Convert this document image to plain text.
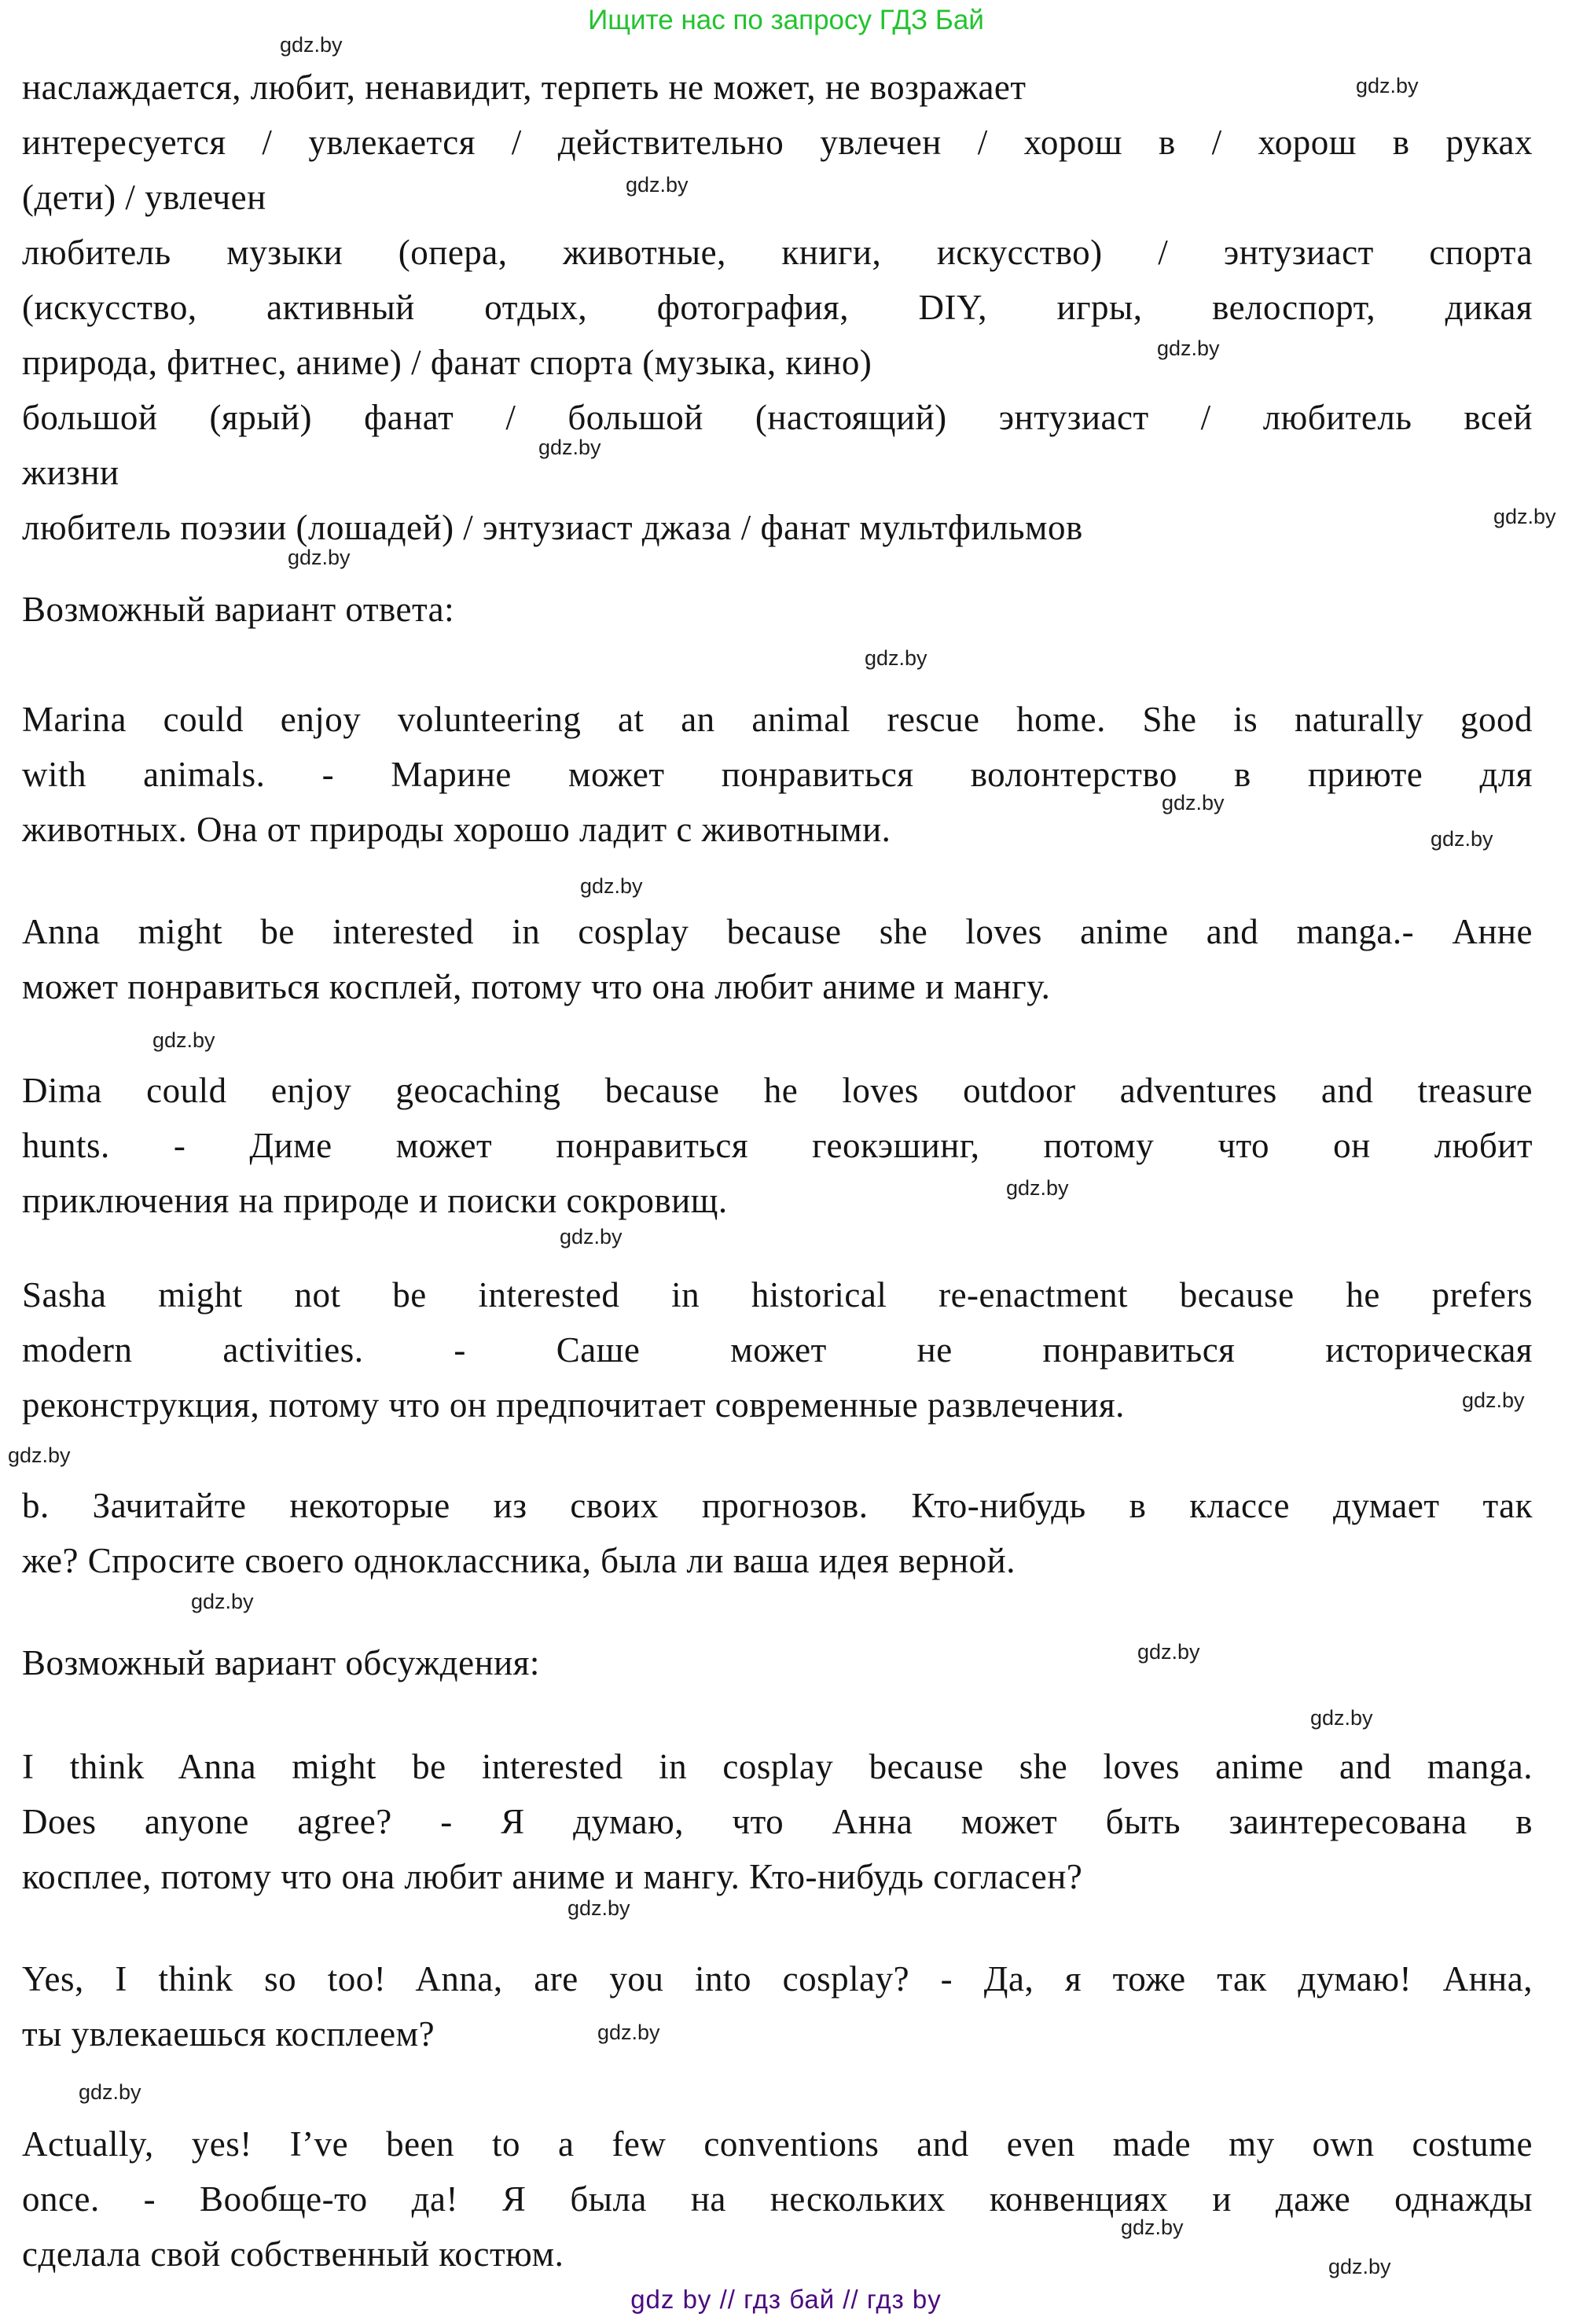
Ищите нас по запросу ГДЗ Бай
наслаждается, любит, ненавидит, терпеть не может, не возражает
интересуется / увлекается / действительно увлечен / хорош в / хорош в руках
(дети) / увлечен
любитель музыки (опера, животные, книги, искусство) / энтузиаст спорта
(искусство, активный отдых, фотография, DIY, игры, велоспорт, дикая
природа, фитнес, аниме) / фанат спорта (музыка, кино)
большой (ярый) фанат / большой (настоящий) энтузиаст / любитель всей
жизни
любитель поэзии (лошадей) / энтузиаст джаза / фанат мультфильмов
Возможный вариант ответа:
Marina could enjoy volunteering at an animal rescue home. She is naturally good
with animals. - Марине может понравиться волонтерство в приюте для
животных. Она от природы хорошо ладит с животными.
Anna might be interested in cosplay because she loves anime and manga.- Анне
может понравиться косплей, потому что она любит аниме и мангу.
Dima could enjoy geocaching because he loves outdoor adventures and treasure
hunts. - Диме может понравиться геокэшинг, потому что он любит
приключения на природе и поиски сокровищ.
Sasha might not be interested in historical re-enactment because he prefers
modern activities. - Саше может не понравиться историческая
реконструкция, потому что он предпочитает современные развлечения.
b. Зачитайте некоторые из своих прогнозов. Кто-нибудь в классе думает так
же? Спросите своего одноклассника, была ли ваша идея верной.
Возможный вариант обсуждения:
I think Anna might be interested in cosplay because she loves anime and manga.
Does anyone agree? - Я думаю, что Анна может быть заинтересована в
косплее, потому что она любит аниме и мангу. Кто-нибудь согласен?
Yes, I think so too! Anna, are you into cosplay? - Да, я тоже так думаю! Анна,
ты увлекаешься косплеем?
Actually, yes! I’ve been to a few conventions and even made my own costume
once. - Вообще-то да! Я была на нескольких конвенциях и даже однажды
сделала свой собственный костюм.
gdz.by
gdz.by
gdz.by
gdz.by
gdz.by
gdz.by
gdz.by
gdz.by
gdz.by
gdz.by
gdz.by
gdz.by
gdz.by
gdz.by
gdz.by
gdz.by
gdz.by
gdz.by
gdz.by
gdz.by
gdz.by
gdz.by
gdz.by
gdz.by
gdz by // гдз бай // гдз by
